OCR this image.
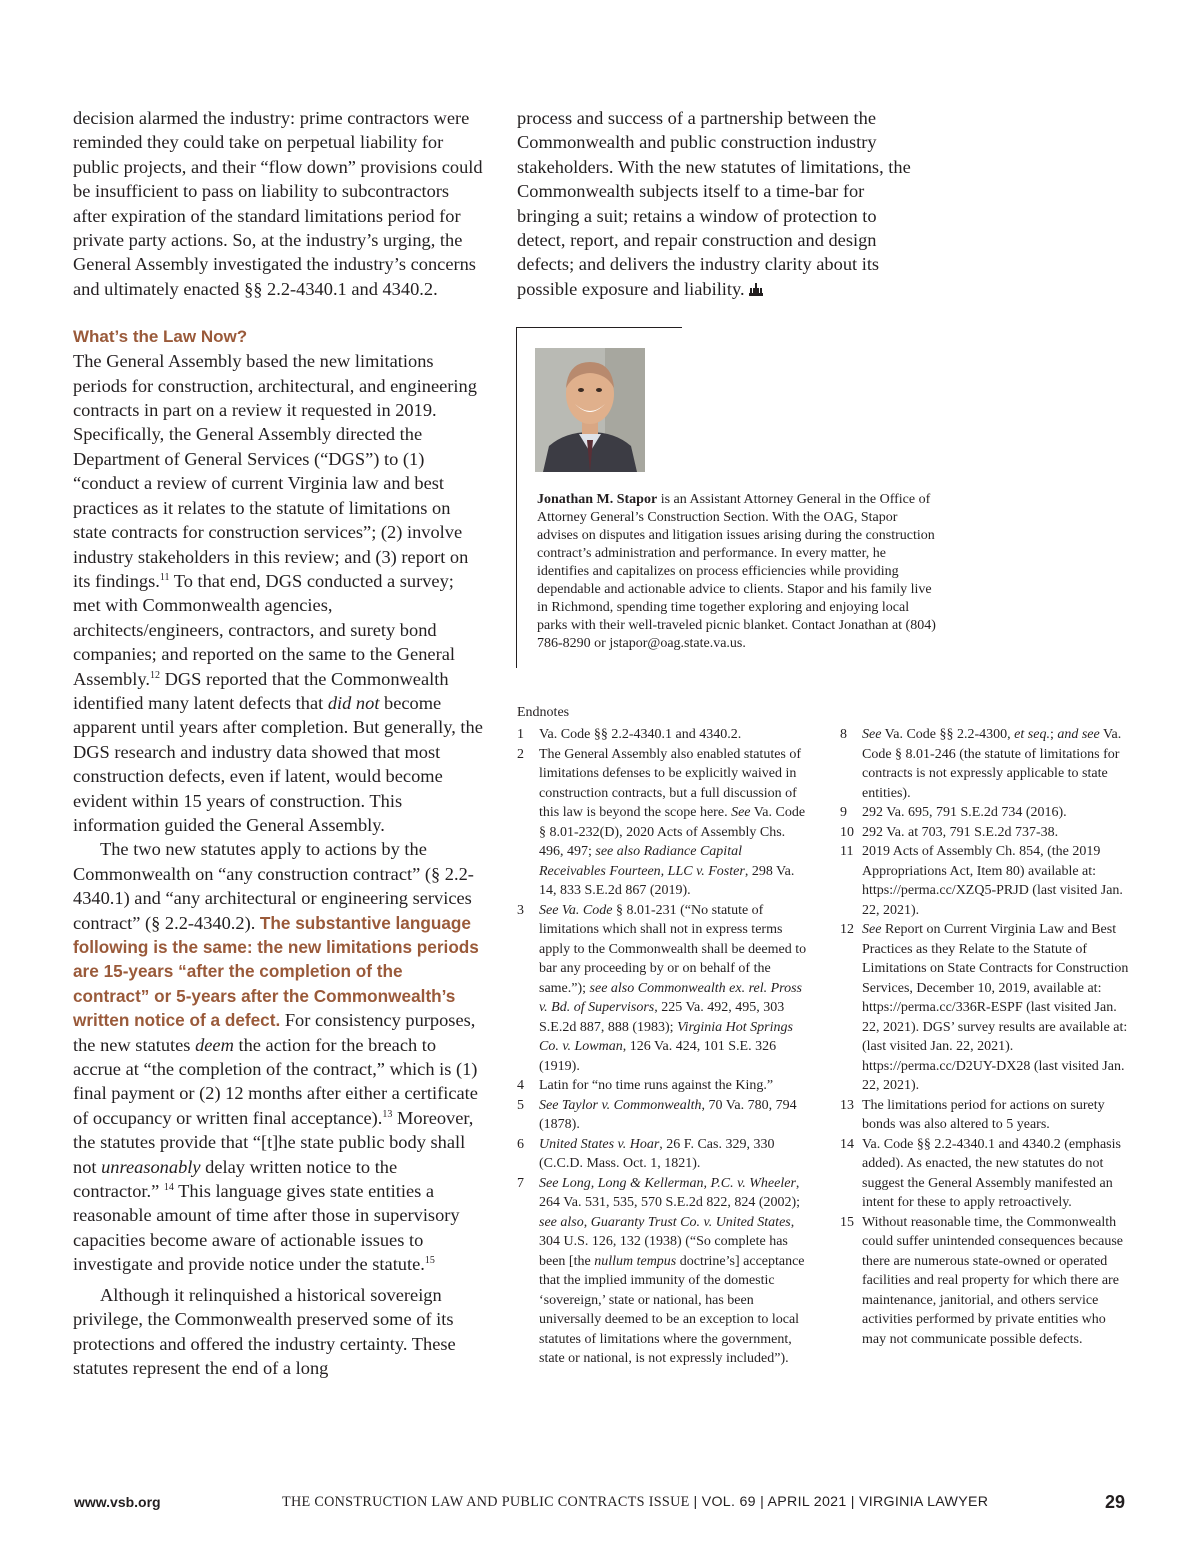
decision alarmed the industry: prime contractors were reminded they could take on perpetual liability for public projects, and their “flow down” provisions could be insufficient to pass on liability to subcontractors after expiration of the standard limitations period for private party actions. So, at the industry’s urging, the General Assembly investigated the industry’s concerns and ultimately enacted §§ 2.2-4340.1 and 4340.2.

What’s the Law Now?

The General Assembly based the new limitations periods for construction, architectural, and engineering contracts in part on a review it requested in 2019. Specifically, the General Assembly directed the Department of General Services (“DGS”) to (1) “conduct a review of current Virginia law and best practices as it relates to the statute of limitations on state contracts for construction services”; (2) involve industry stakeholders in this review; and (3) report on its findings.$^{11}$ To that end, DGS conducted a survey; met with Commonwealth agencies, architects/engineers, contractors, and surety bond companies; and reported on the same to the General Assembly.$^{12}$ DGS reported that the Commonwealth identified many latent defects that did not become apparent until years after completion. But generally, the DGS research and industry data showed that most construction defects, even if latent, would become evident within 15 years of construction. This information guided the General Assembly.

The two new statutes apply to actions by the Commonwealth on “any construction contract” (§ 2.2-4340.1) and “any architectural or engineering services contract” (§ 2.2-4340.2). The substantive language following is the same: the new limitations periods are 15-years “after the completion of the contract” or 5-years after the Commonwealth’s written notice of a defect. For consistency purposes, the new statutes deem the action for the breach to accrue at “the completion of the contract,” which is (1) final payment or (2) 12 months after either a certificate of occupancy or written final acceptance).$^{13}$ Moreover, the statutes provide that “[t]he state public body shall not unreasonably delay written notice to the contractor.” $^{14}$ This language gives state entities a reasonable amount of time after those in supervisory capacities become aware of actionable issues to investigate and provide notice under the statute.$^{15}$

Although it relinquished a historical sovereign privilege, the Commonwealth preserved some of its protections and offered the industry certainty. These statutes represent the end of a long

process and success of a partnership between the Commonwealth and public construction industry stakeholders. With the new statutes of limitations, the Commonwealth subjects itself to a time-bar for bringing a suit; retains a window of protection to detect, report, and repair construction and design defects; and delivers the industry clarity about its possible exposure and liability.

Jonathan M. Stapor is an Assistant Attorney General in the Office of Attorney General’s Construction Section. With the OAG, Stapor advises on disputes and litigation issues arising during the construction contract’s administration and performance. In every matter, he identifies and capitalizes on process efficiencies while providing dependable and actionable advice to clients. Stapor and his family live in Richmond, spending time together exploring and enjoying local parks with their well-traveled picnic blanket. Contact Jonathan at (804) 786-8290 or jstapor@oag.state.va.us.

Endnotes

1	Va. Code §§ 2.2-4340.1 and 4340.2.
2	The General Assembly also enabled statutes of limitations defenses to be explicitly waived in construction contracts, but a full discussion of this law is beyond the scope here. See Va. Code § 8.01-232(D), 2020 Acts of Assembly Chs. 496, 497; see also Radiance Capital Receivables Fourteen, LLC v. Foster, 298 Va. 14, 833 S.E.2d 867 (2019).
3	See Va. Code § 8.01-231 (“No statute of limitations which shall not in express terms apply to the Commonwealth shall be deemed to bar any proceeding by or on behalf of the same.”); see also Commonwealth ex. rel. Pross v. Bd. of Supervisors, 225 Va. 492, 495, 303 S.E.2d 887, 888 (1983); Virginia Hot Springs Co. v. Lowman, 126 Va. 424, 101 S.E. 326 (1919).
4	Latin for “no time runs against the King.”
5	See Taylor v. Commonwealth, 70 Va. 780, 794 (1878).
6	United States v. Hoar, 26 F. Cas. 329, 330 (C.C.D. Mass. Oct. 1, 1821).
7	See Long, Long & Kellerman, P.C. v. Wheeler, 264 Va. 531, 535, 570 S.E.2d 822, 824 (2002); see also, Guaranty Trust Co. v. United States, 304 U.S. 126, 132 (1938) (“So complete has been [the nullum tempus doctrine’s] acceptance that the implied immunity of the domestic ‘sovereign,’ state or national, has been universally deemed to be an exception to local statutes of limitations where the government, state or national, is not expressly included”).
8	See Va. Code §§ 2.2-4300, et seq.; and see Va. Code § 8.01-246 (the statute of limitations for contracts is not expressly applicable to state entities).
9	292 Va. 695, 791 S.E.2d 734 (2016).
10 292 Va. at 703, 791 S.E.2d 737-38.
11 2019 Acts of Assembly Ch. 854, (the 2019 Appropriations Act, Item 80) available at: https://perma.cc/XZQ5-PRJD (last visited Jan. 22, 2021).
12 See Report on Current Virginia Law and Best Practices as they Relate to the Statute of Limitations on State Contracts for Construction Services, December 10, 2019, available at: https://perma.cc/336R-ESPF (last visited Jan. 22, 2021). DGS’ survey results are available at: (last visited Jan. 22, 2021). https://perma.cc/D2UY-DX28 (last visited Jan. 22, 2021).
13 The limitations period for actions on surety bonds was also altered to 5 years.
14 Va. Code §§ 2.2-4340.1 and 4340.2 (emphasis added). As enacted, the new statutes do not suggest the General Assembly manifested an intent for these to apply retroactively.
15 Without reasonable time, the Commonwealth could suffer unintended consequences because there are numerous state-owned or operated facilities and real property for which there are maintenance, janitorial, and others service activities performed by private entities who may not communicate possible defects.
www.vsb.org	THE CONSTRUCTION LAW AND PUBLIC CONTRACTS ISSUE | VOL. 69 | APRIL 2021 | VIRGINIA LAWYER	29
